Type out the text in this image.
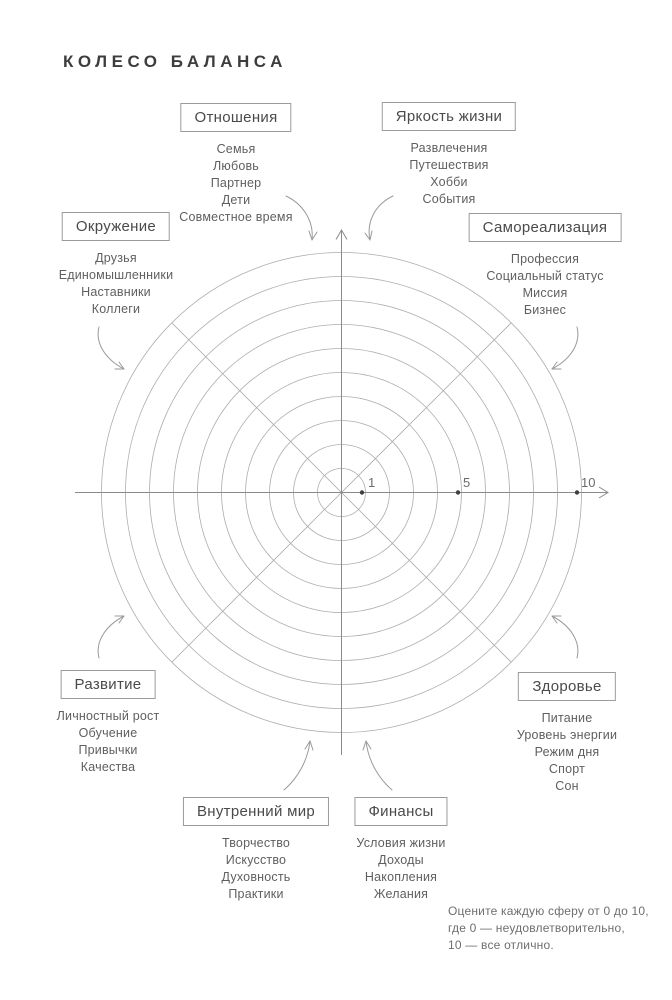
КОЛЕСО БАЛАНСА
1	5	10
Отношения
Семья
Любовь
Партнер
Дети
Совместное время
Яркость жизни
Развлечения
Путешествия
Хобби
События
Окружение
Друзья
Единомышленники
Наставники
Коллеги
Самореализация
Профессия
Социальный статус
Миссия
Бизнес
Развитие
Личностный рост
Обучение
Привычки
Качества
Здоровье
Питание
Уровень энергии
Режим дня
Спорт
Сон
Внутренний мир
Творчество
Искусство
Духовность
Практики
Финансы
Условия жизни
Доходы
Накопления
Желания
Оцените каждую сферу от 0 до 10,
где 0 — неудовлетворительно,
10 — все отлично.
